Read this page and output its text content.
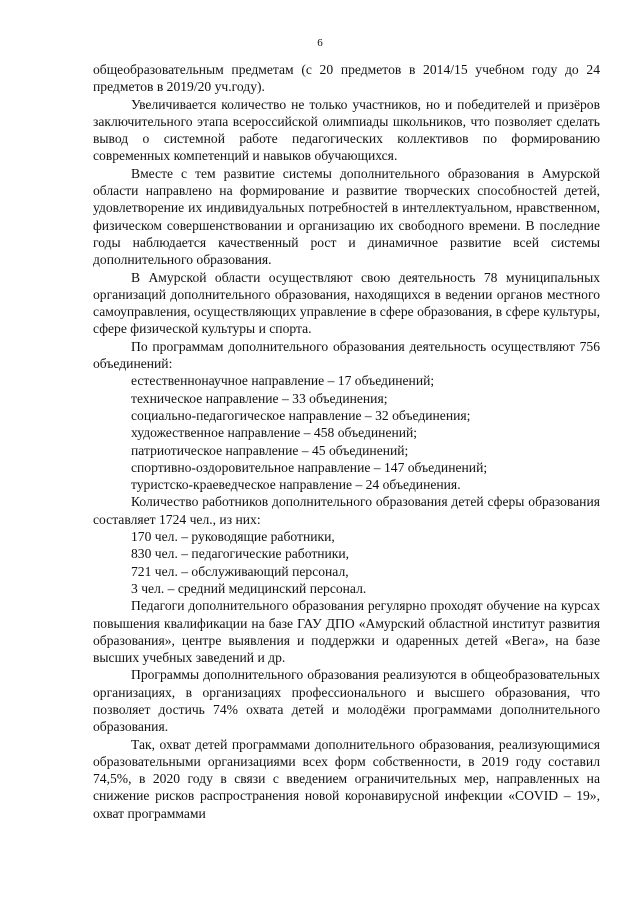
6

общеобразовательным предметам (с 20 предметов в 2014/15 учебном году до 24 предметов в 2019/20 уч.году).

Увеличивается количество не только участников, но и победителей и призёров заключительного этапа всероссийской олимпиады школьников, что позволяет сделать вывод о системной работе педагогических коллективов по формированию современных компетенций и навыков обучающихся.

Вместе с тем развитие системы дополнительного образования в Амурской области направлено на формирование и развитие творческих способностей детей, удовлетворение их индивидуальных потребностей в интеллектуальном, нравственном, физическом совершенствовании и организацию их свободного времени. В последние годы наблюдается качественный рост и динамичное развитие всей системы дополнительного образования.

В Амурской области осуществляют свою деятельность 78 муниципальных организаций дополнительного образования, находящихся в ведении органов местного самоуправления, осуществляющих управление в сфере образования, в сфере культуры, сфере физической культуры и спорта.

По программам дополнительного образования деятельность осуществляют 756 объединений:

естественнонаучное направление – 17 объединений;
техническое направление – 33 объединения;
социально-педагогическое направление – 32 объединения;
художественное направление – 458 объединений;
патриотическое направление – 45 объединений;
спортивно-оздоровительное направление – 147 объединений;
туристско-краеведческое направление – 24 объединения.

Количество работников дополнительного образования детей сферы образования составляет 1724 чел., из них:

170 чел. – руководящие работники,
830 чел. – педагогические работники,
721 чел. – обслуживающий персонал,
3 чел. – средний медицинский персонал.

Педагоги дополнительного образования регулярно проходят обучение на курсах повышения квалификации на базе ГАУ ДПО «Амурский областной институт развития образования», центре выявления и поддержки и одаренных детей «Вега», на базе высших учебных заведений и др.

Программы дополнительного образования реализуются в общеобразовательных организациях, в организациях профессионального и высшего образования, что позволяет достичь 74% охвата детей и молодёжи программами дополнительного образования.

Так, охват детей программами дополнительного образования, реализующимися образовательными организациями всех форм собственности, в 2019 году составил 74,5%, в 2020 году в связи с введением ограничительных мер, направленных на снижение рисков распространения новой коронавирусной инфекции «COVID – 19», охват программами
